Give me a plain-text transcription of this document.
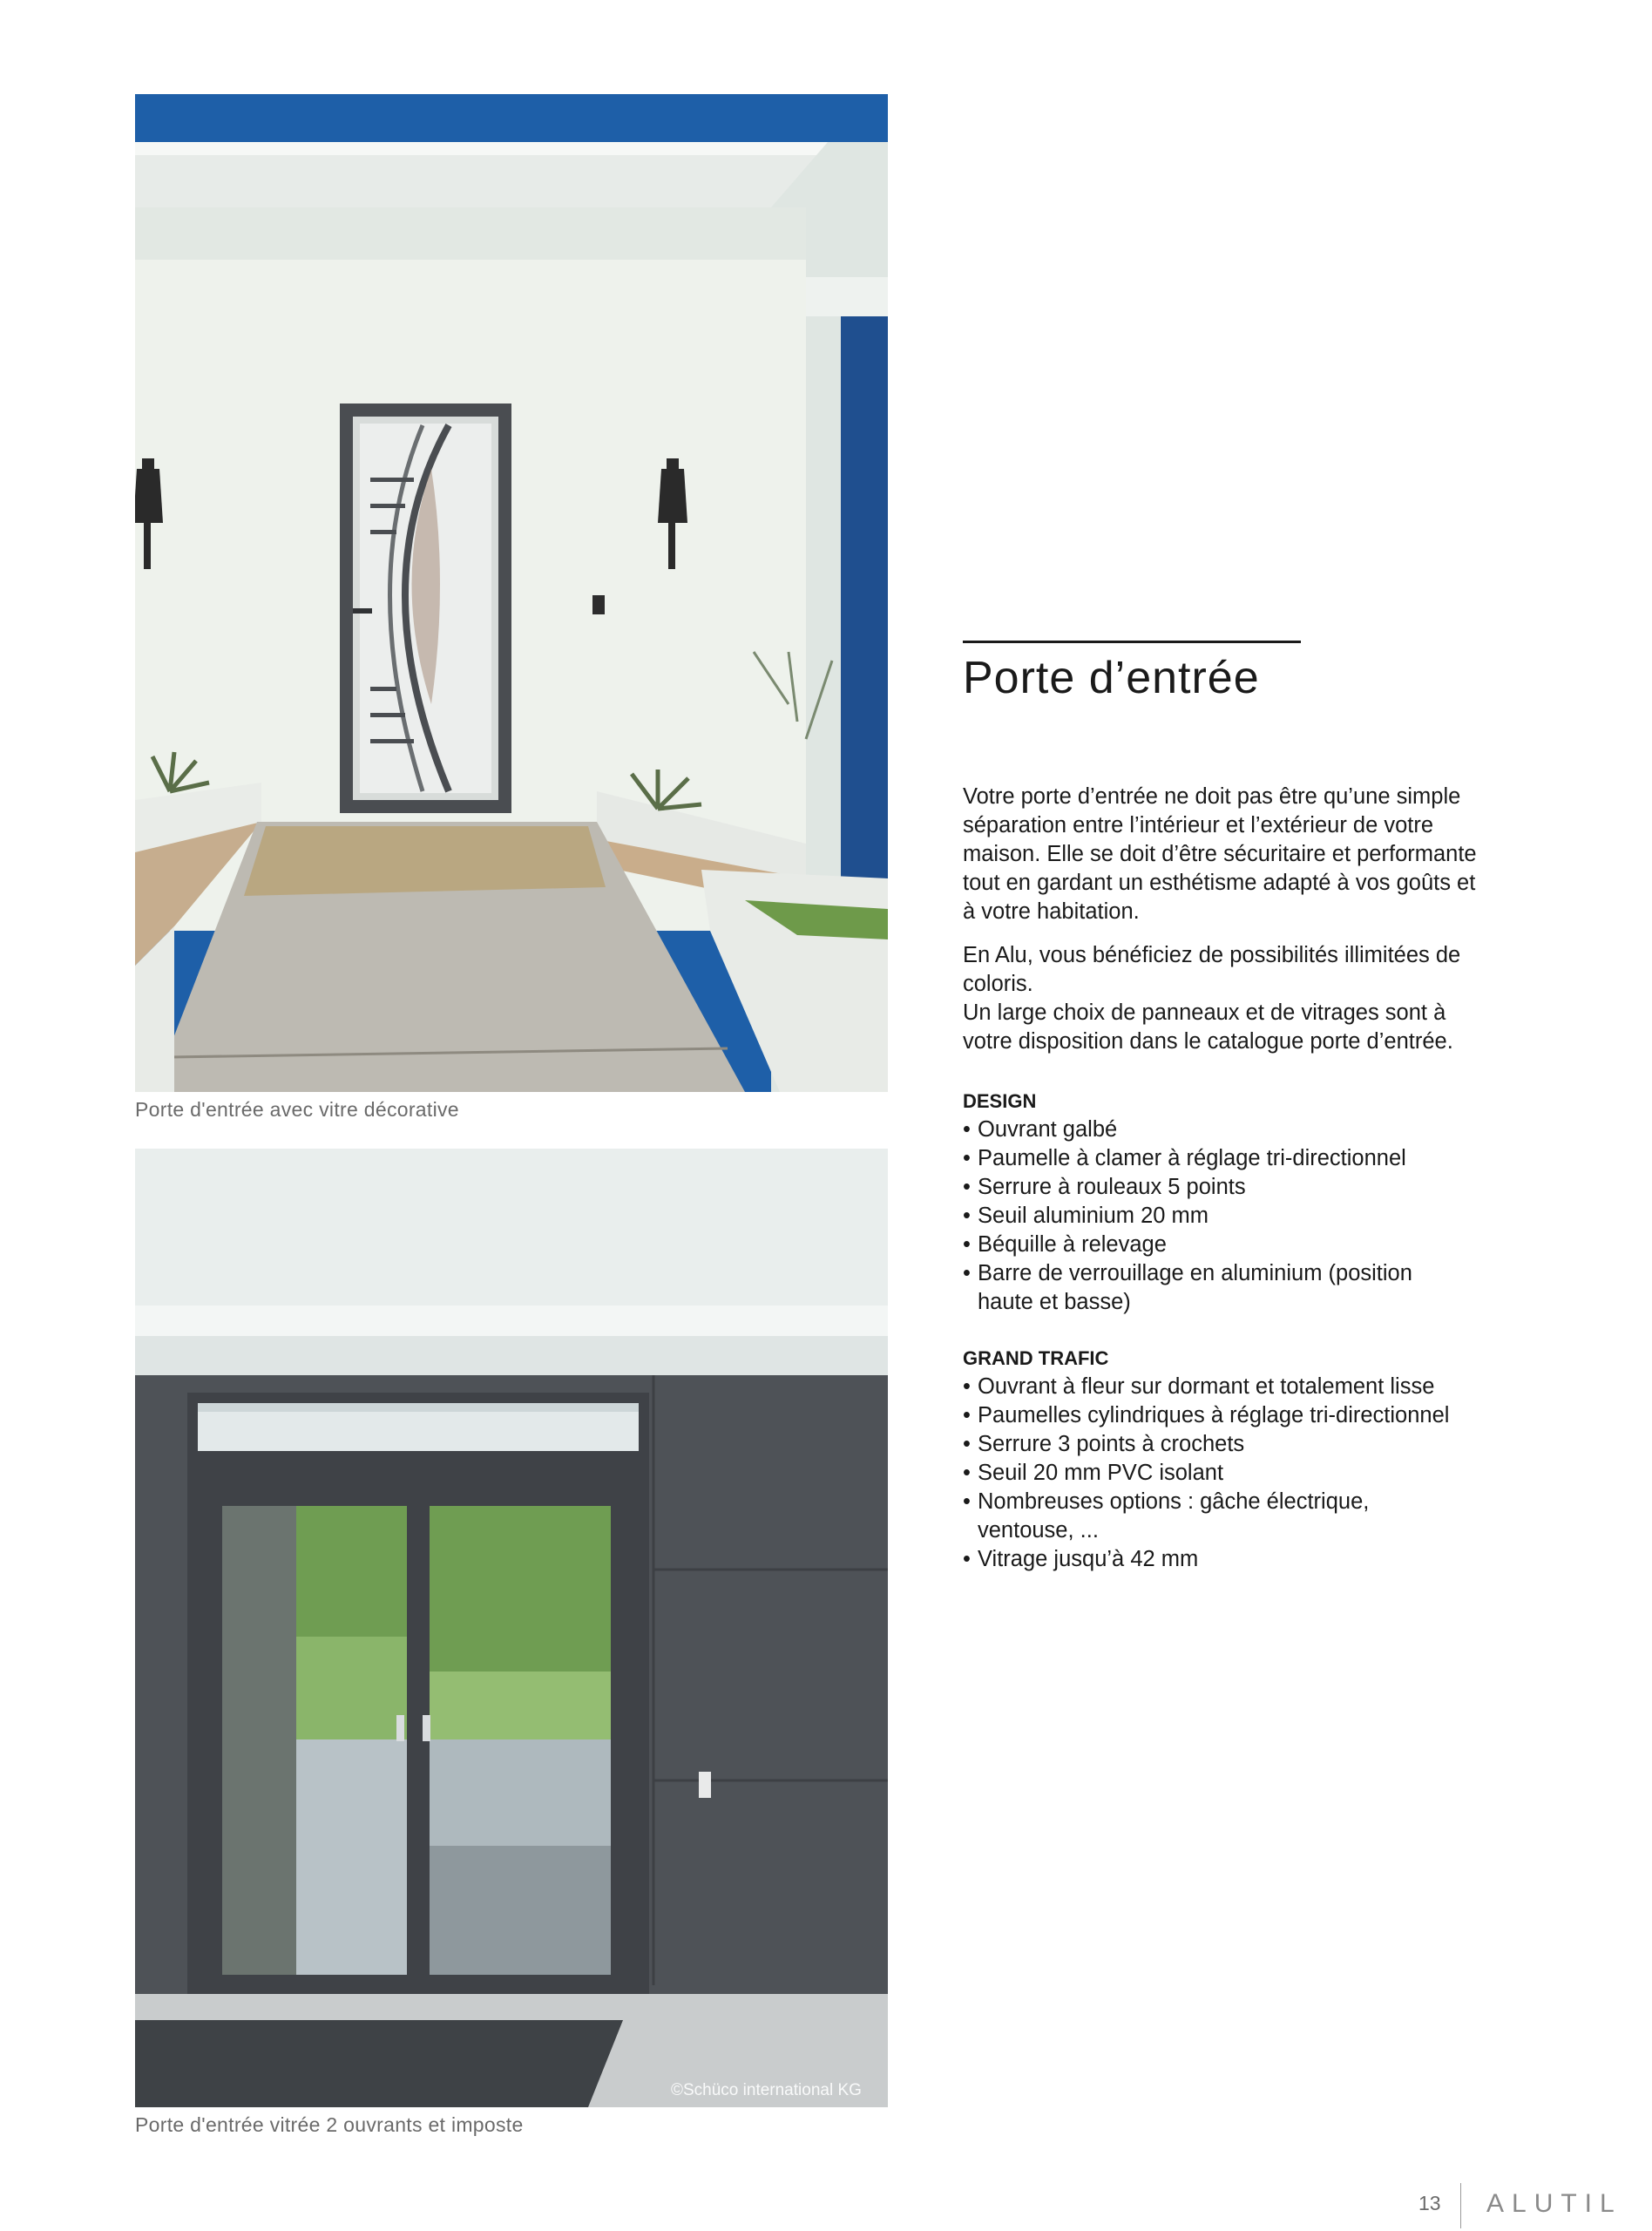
Porte d'entrée avec vitre décorative
©Schüco international KG
Porte d'entrée vitrée 2 ouvrants et imposte
Porte d’entrée

Votre porte d’entrée ne doit pas être qu’une simple séparation entre l’intérieur et l’extérieur de votre maison. Elle se doit d’être sécuritaire et performante tout en gardant un esthétisme adapté à vos goûts et à votre habitation.

En Alu, vous bénéficiez de possibilités illimitées de coloris.

Un large choix de panneaux et de vitrages sont à votre disposition dans le catalogue porte d’entrée.

DESIGN

• Ouvrant galbé
• Paumelle à clamer à réglage tri-directionnel
• Serrure à rouleaux 5 points
• Seuil aluminium 20 mm
• Béquille à relevage
• Barre de verrouillage en aluminium (position haute et basse)

GRAND TRAFIC

• Ouvrant à fleur sur dormant et totalement lisse
• Paumelles cylindriques à réglage tri-directionnel
• Serrure 3 points à crochets
• Seuil 20 mm PVC isolant
• Nombreuses options : gâche électrique, ventouse, ...
• Vitrage jusqu’à 42 mm
13 ALUTIL
